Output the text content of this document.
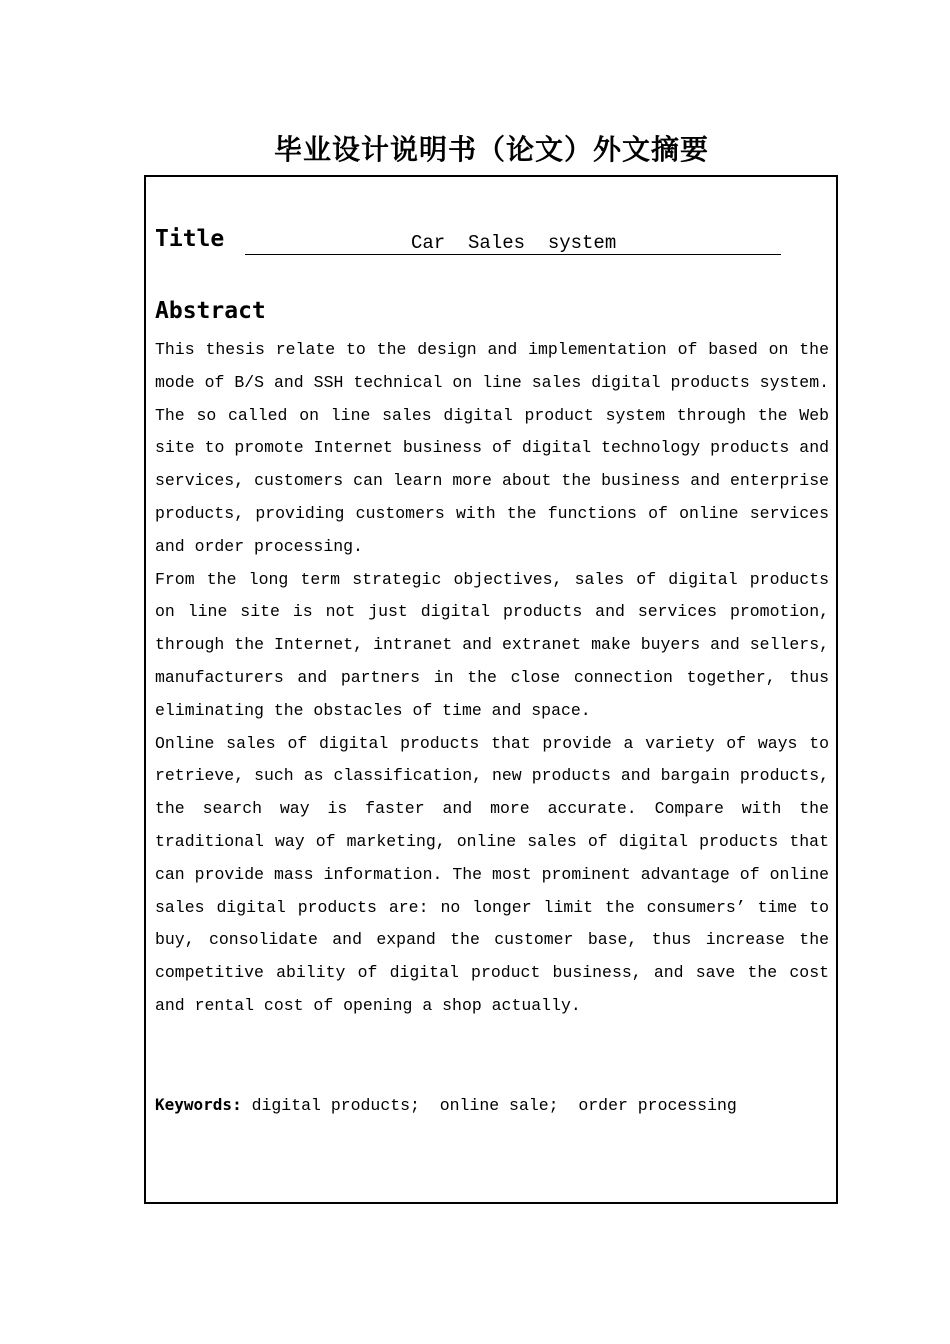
毕业设计说明书（论文）外文摘要
Title	Car  Sales  system
Abstract

This thesis relate to the design and implementation of based on the mode of B/S and SSH technical on line sales digital products system. The so called on line sales digital product system through the Web site to promote Internet business of digital technology products and services, customers can learn more about the business and enterprise products, providing customers with the functions of online services and order processing.

From the long term strategic objectives, sales of digital products on line site is not just digital products and services promotion, through the Internet, intranet and extranet make buyers and sellers, manufacturers and partners in the close connection together, thus eliminating the obstacles of time and space.

Online sales of digital products that provide a variety of ways to retrieve, such as classification, new products and bargain products, the search way is faster and more accurate. Compare with the traditional way of marketing, online sales of digital products that can provide mass information. The most prominent advantage of online sales digital products are: no longer limit the consumers’ time to buy, consolidate and expand the customer base, thus increase the competitive ability of digital product business, and save the cost and rental cost of opening a shop actually.

Keywords: digital products;  online sale;  order processing
